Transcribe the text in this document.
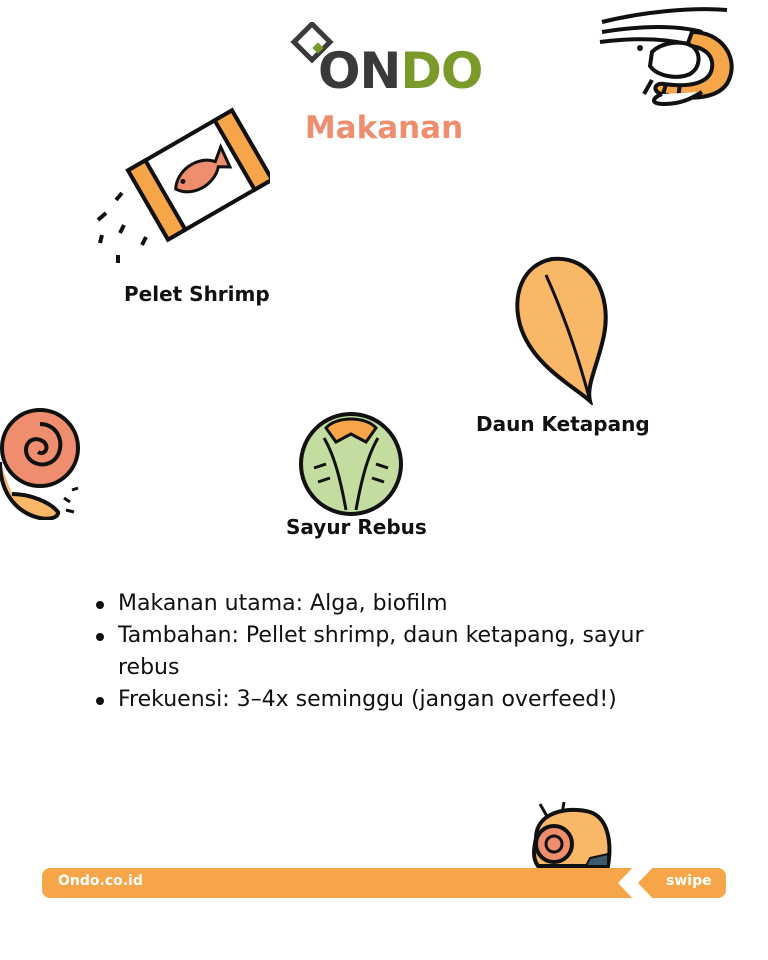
ONDO
Makanan
Pelet Shrimp
Daun Ketapang
Sayur Rebus
Makanan utama: Alga, biofilm
Tambahan: Pellet shrimp, daun ketapang, sayur rebus
Frekuensi: 3–4x seminggu (jangan overfeed!)
Ondo.co.id	swipe
